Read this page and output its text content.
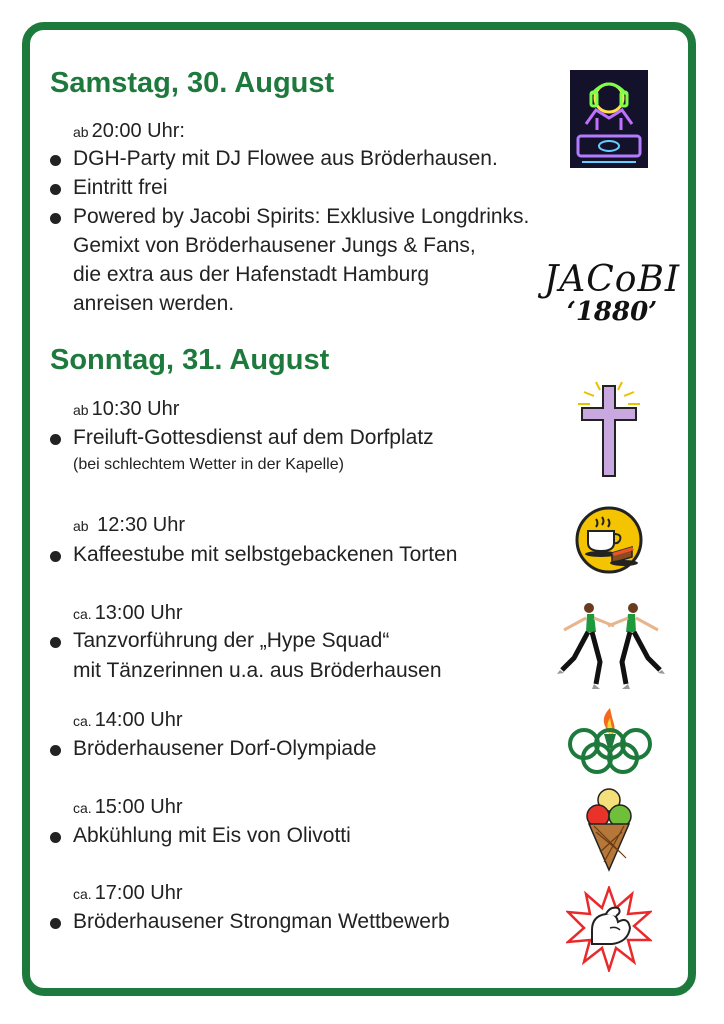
Samstag, 30. August
ab 20:00 Uhr:
DGH-Party mit DJ Flowee aus Bröderhausen.
Eintritt frei
Powered by Jacobi Spirits: Exklusive Longdrinks.
Gemixt von Bröderhausener Jungs & Fans,
die extra aus der Hafenstadt Hamburg
anreisen werden.
JACoBI
‘1880’
Sonntag, 31. August
ab 10:30 Uhr
Freiluft-Gottesdienst auf dem Dorfplatz
(bei schlechtem Wetter in der Kapelle)
ab 12:30 Uhr
Kaffeestube mit selbstgebackenen Torten
ca. 13:00 Uhr
Tanzvorführung der „Hype Squad“
mit Tänzerinnen u.a. aus Bröderhausen
ca. 14:00 Uhr
Bröderhausener Dorf-Olympiade
ca. 15:00 Uhr
Abkühlung mit Eis von Olivotti
ca. 17:00 Uhr
Bröderhausener Strongman Wettbewerb
